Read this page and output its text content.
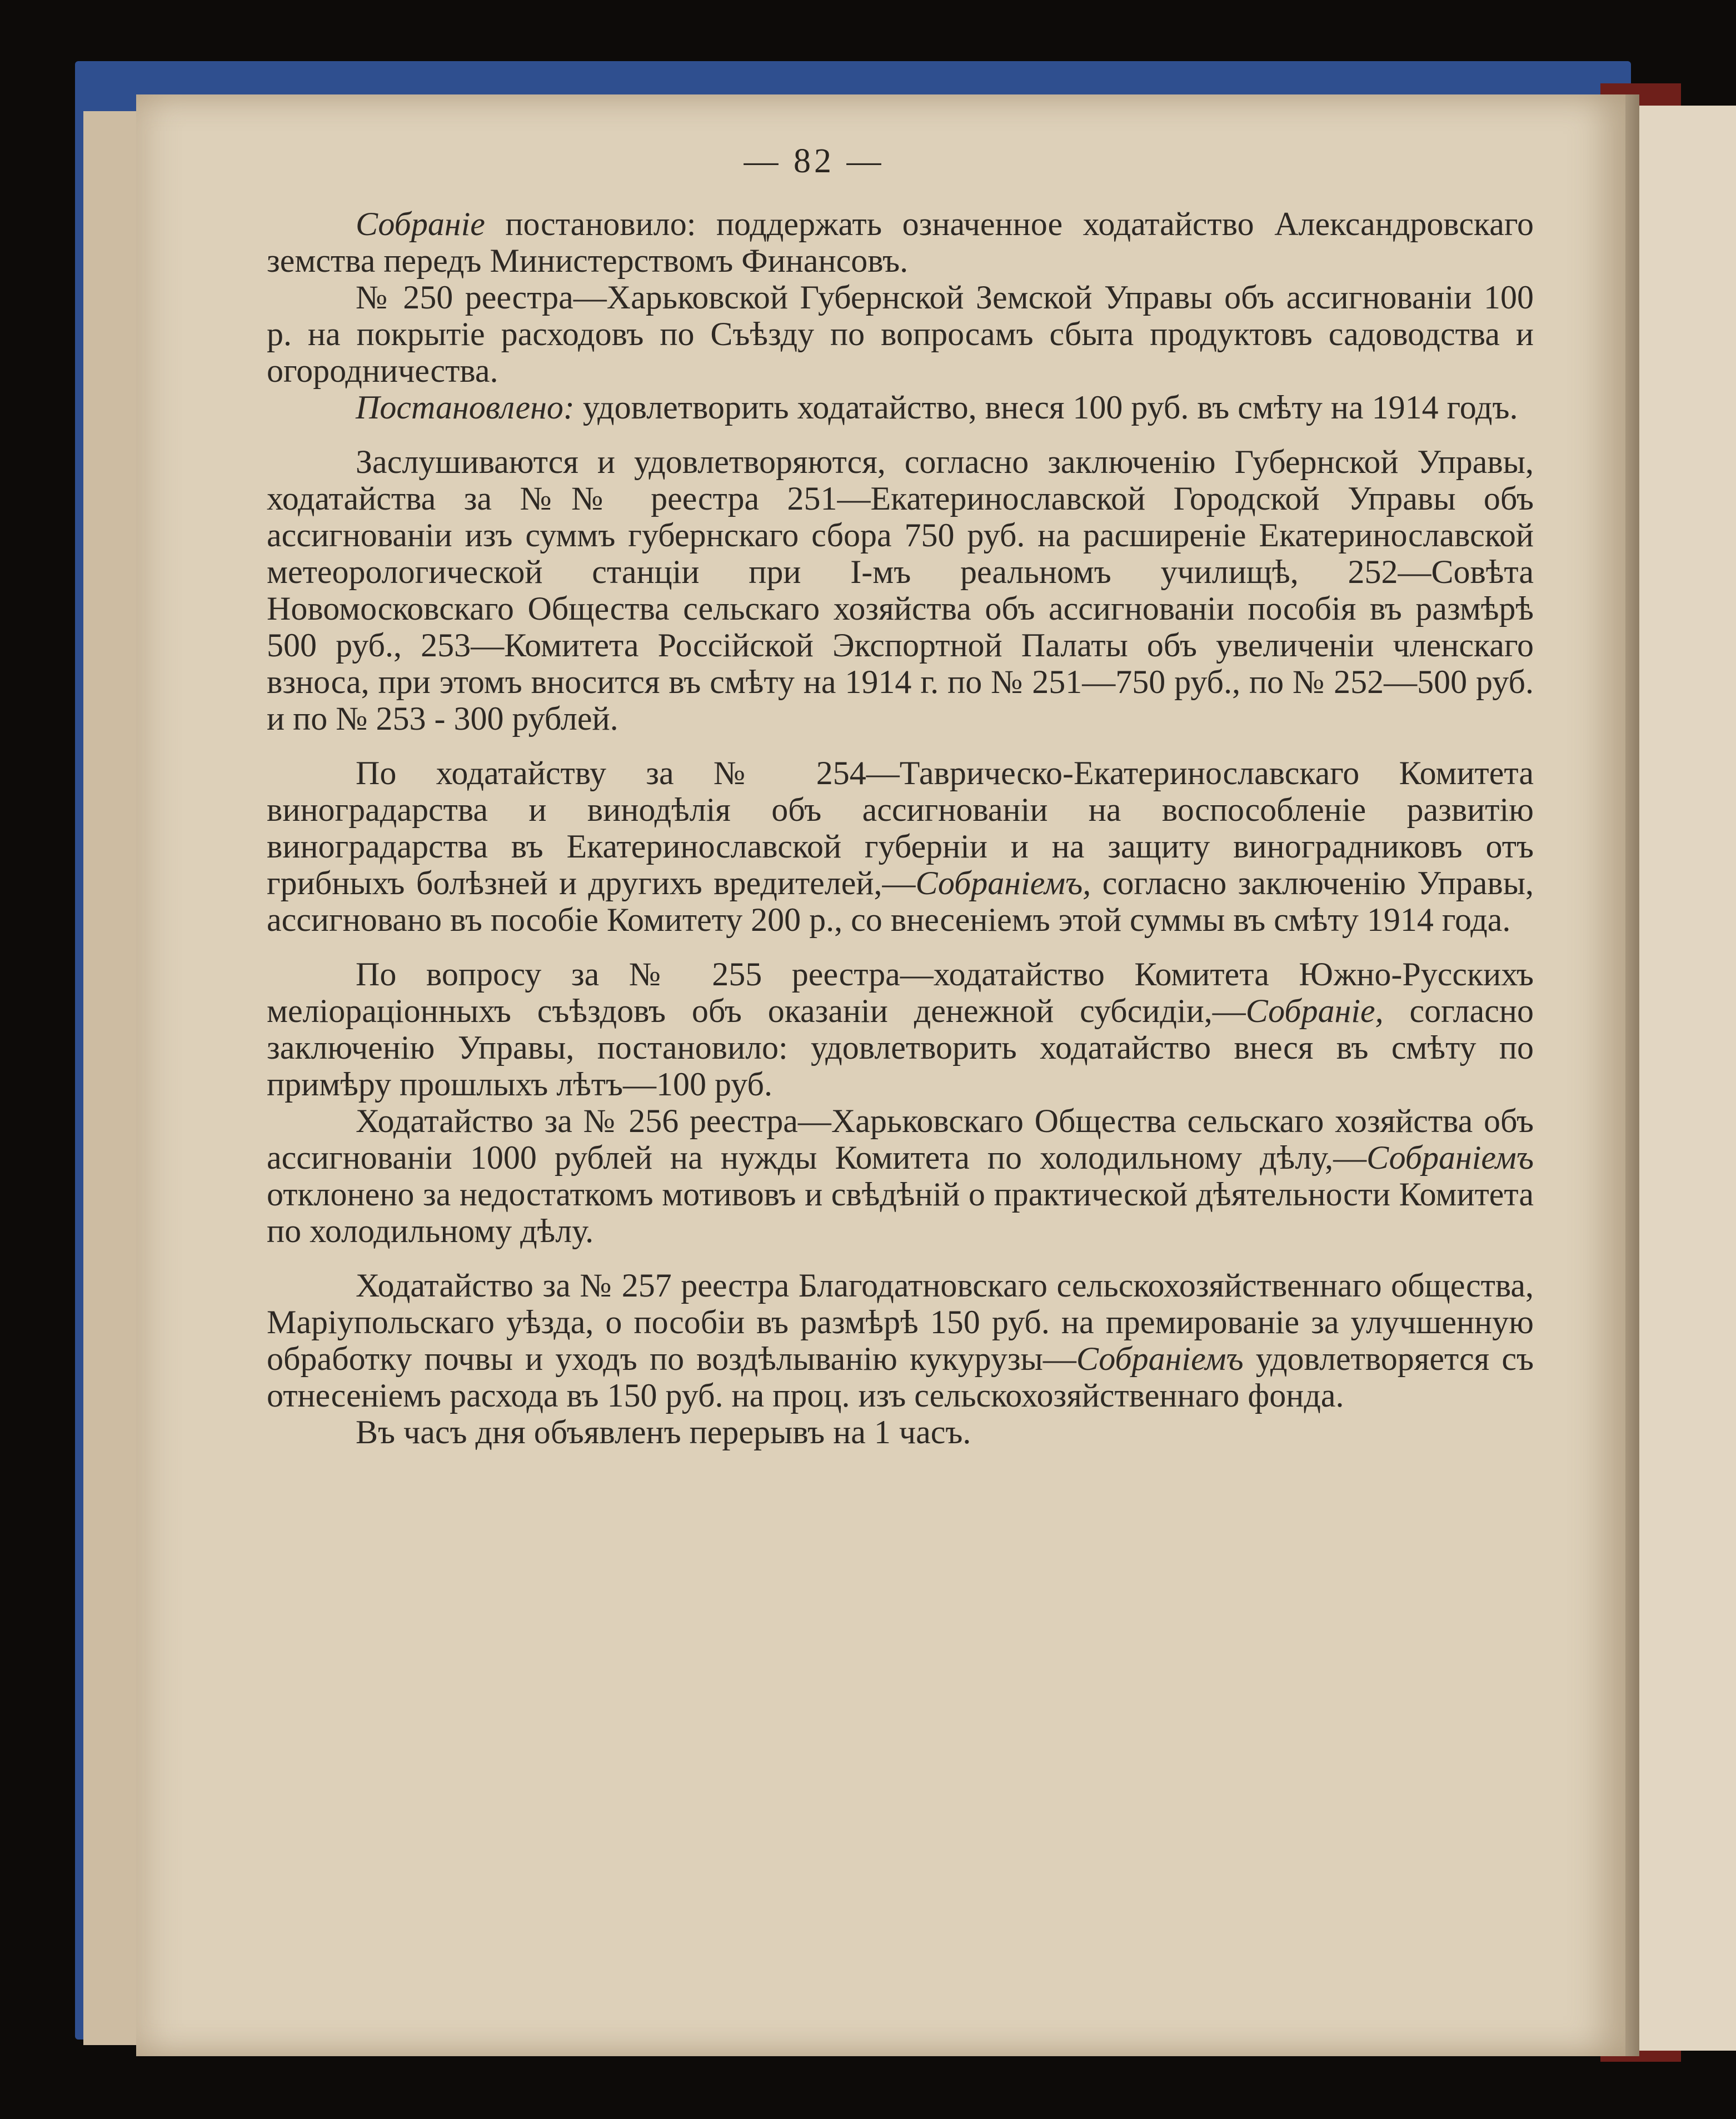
— 82 —

Собраніе постановило: поддержать означенное ходатайство Александровскаго земства передъ Министерствомъ Финансовъ.

№ 250 реестра—Харьковской Губернской Земской Управы объ ассигнованіи 100 р. на покрытіе расходовъ по Съѣзду по вопросамъ сбыта продуктовъ садоводства и огородничества.

Постановлено: удовлетворить ходатайство, внеся 100 руб. въ смѣту на 1914 годъ.

Заслушиваются и удовлетворяются, согласно заключенію Губернской Управы, ходатайства за №№ реестра 251—Екатеринославской Городской Управы объ ассигнованіи изъ суммъ губернскаго сбора 750 руб. на расширеніе Екатеринославской метеорологической станціи при I-мъ реальномъ училищѣ, 252—Совѣта Новомосковскаго Общества сельскаго хозяйства объ ассигнованіи пособія въ размѣрѣ 500 руб., 253—Комитета Россійской Экспортной Палаты объ увеличеніи членскаго взноса, при этомъ вносится въ смѣту на 1914 г. по № 251—750 руб., по № 252—500 руб. и по № 253 - 300 рублей.

По ходатайству за № 254—Таврическо-Екатеринославскаго Комитета виноградарства и винодѣлія объ ассигнованіи на воспособленіе развитію виноградарства въ Екатеринославской губерніи и на защиту виноградниковъ отъ грибныхъ болѣзней и другихъ вредителей,—Собраніемъ, согласно заключенію Управы, ассигновано въ пособіе Комитету 200 р., со внесеніемъ этой суммы въ смѣту 1914 года.

По вопросу за № 255 реестра—ходатайство Комитета Южно-Русскихъ меліораціонныхъ съѣздовъ объ оказаніи денежной субсидіи,—Собраніе, согласно заключенію Управы, постановило: удовлетворить ходатайство внеся въ смѣту по примѣру прошлыхъ лѣтъ—100 руб.

Ходатайство за № 256 реестра—Харьковскаго Общества сельскаго хозяйства объ ассигнованіи 1000 рублей на нужды Комитета по холодильному дѣлу,—Собраніемъ отклонено за недостаткомъ мотивовъ и свѣдѣній о практической дѣятельности Комитета по холодильному дѣлу.

Ходатайство за № 257 реестра Благодатновскаго сельскохозяйственнаго общества, Маріупольскаго уѣзда, о пособіи въ размѣрѣ 150 руб. на премированіе за улучшенную обработку почвы и уходъ по воздѣлыванію кукурузы—Собраніемъ удовлетворяется съ отнесеніемъ расхода въ 150 руб. на проц. изъ сельскохозяйственнаго фонда.

Въ часъ дня объявленъ перерывъ на 1 часъ.
